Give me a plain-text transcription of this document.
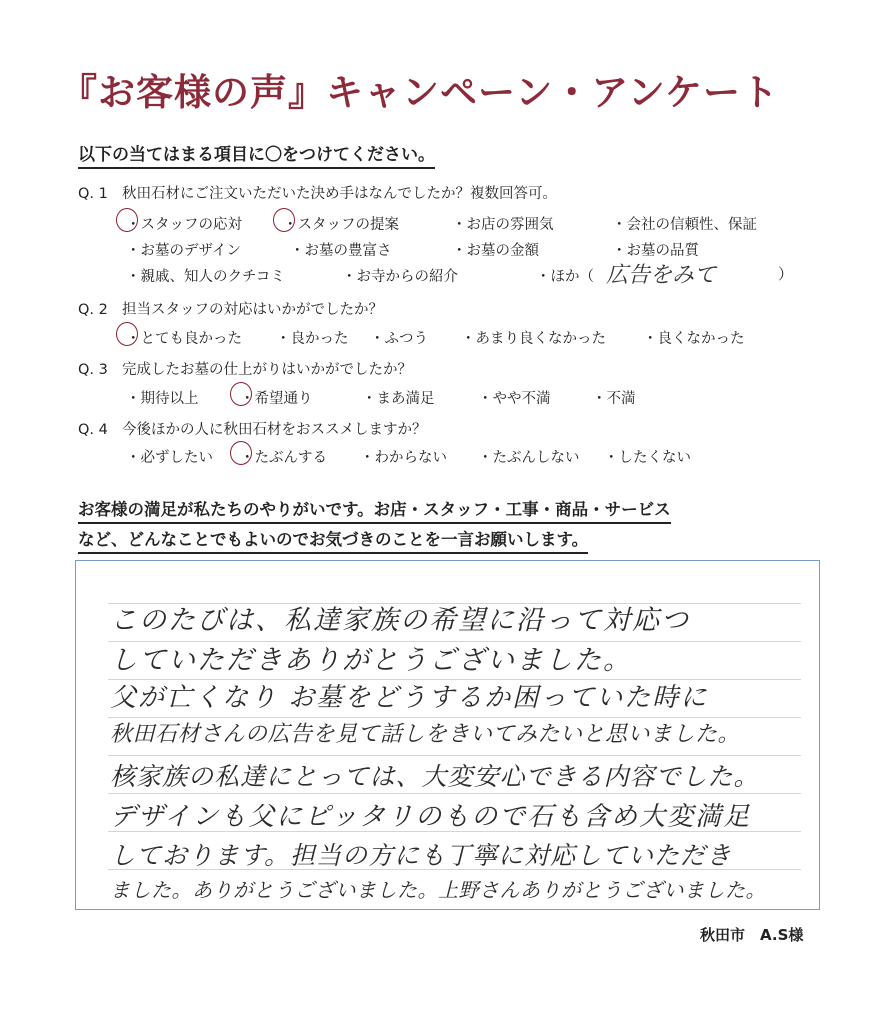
『お客様の声』キャンペーン・アンケート
以下の当てはまる項目に〇をつけてください。
Q. 1 秋田石材にご注文いただいた決め手はなんでしたか？複数回答可。
・スタッフの応対	・スタッフの提案	・お店の雰囲気	・会社の信頼性、保証
・お墓のデザイン	・お墓の豊富さ	・お墓の金額	・お墓の品質
・親戚、知人のクチコミ	・お寺からの紹介	・ほか（ 広告をみて	）
Q. 2 担当スタッフの対応はいかがでしたか？
・とても良かった ・良かった ・ふつう ・あまり良くなかった	・良くなかった
Q. 3 完成したお墓の仕上がりはいかがでしたか？
・期待以上	・希望通り	・まあ満足	・やや不満	・不満
Q. 4 今後ほかの人に秋田石材をおススメしますか？
・必ずしたい ・たぶんする ・わからない ・たぶんしない ・したくない
お客様の満足が私たちのやりがいです。お店・スタッフ・工事・商品・サービス
など、どんなことでもよいのでお気づきのことを一言お願いします。
このたびは、私達家族の希望に沿って対応つ
していただきありがとうございました。
父が亡くなり お墓をどうするか困っていた時に
秋田石材さんの広告を見て話しをきいてみたいと思いました。
核家族の私達にとっては、大変安心できる内容でした。
デザインも父にピッタリのもので石も含め大変満足
しております。担当の方にも丁寧に対応していただき
ました。ありがとうございました。上野さんありがとうございました。
秋田市　A.S様
